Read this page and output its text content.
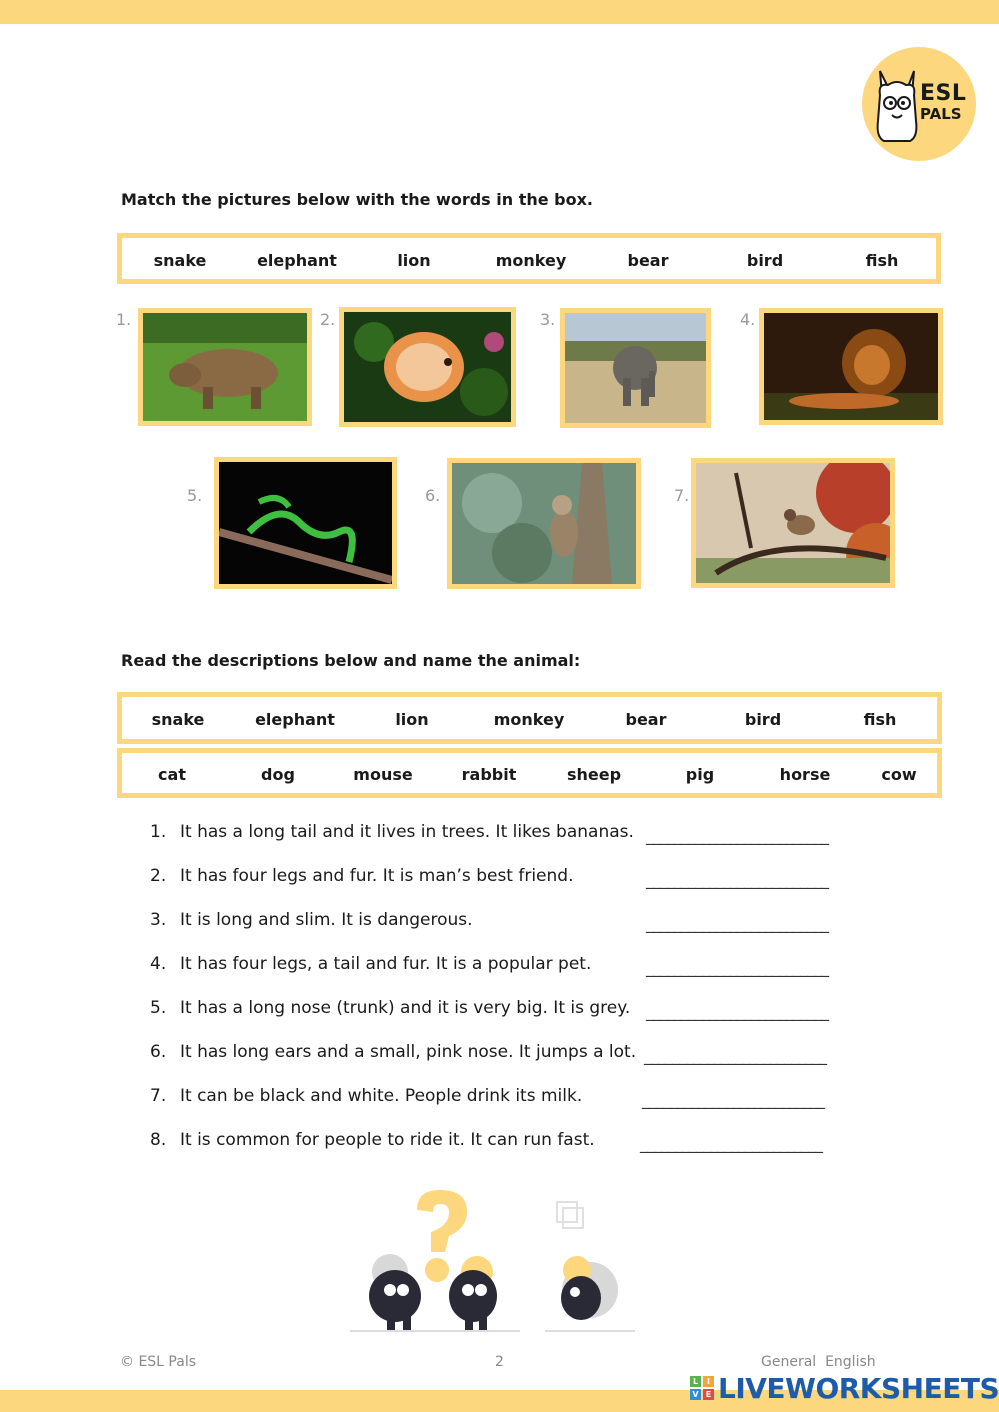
ESL
PALS
Match the pictures below with the words in the box.
snake	elephant	lion	monkey	bear	bird	fish
1.	2.	3.	4.
5.	6.	7.
Read the descriptions below and name the animal:
snake	elephant	lion	monkey	bear	bird	fish
cat	dog	mouse	rabbit	sheep	pig	horse	cow
1. It has a long tail and it lives in trees. It likes bananas. __________________________
2. It has four legs and fur. It is man’s best friend.	__________________________
3. It is long and slim. It is dangerous.	__________________________
4. It has four legs, a tail and fur. It is a popular pet.	__________________________
5. It has a long nose (trunk) and it is very big. It is grey. __________________________
6. It has long ears and a small, pink nose. It jumps a lot. __________________________
7. It can be black and white. People drink its milk.	__________________________
8. It is common for people to ride it. It can run fast.	__________________________
© ESL Pals	2	General  English
L	I
V E LIVEWORKSHEETS
